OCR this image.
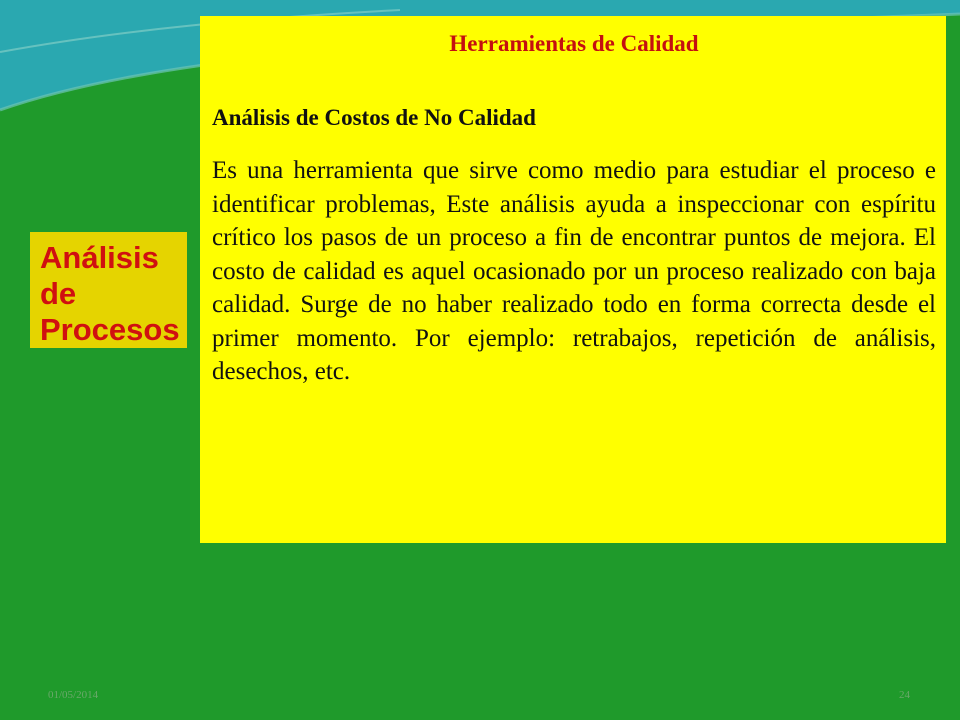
Análisis
de
Procesos
Herramientas de Calidad
Análisis de Costos de No Calidad

Es una herramienta que sirve como medio para estudiar el proceso e identificar problemas, Este análisis ayuda a inspeccionar con espíritu crítico los pasos de un proceso a fin de encontrar puntos de mejora. El costo de calidad es aquel ocasionado por un proceso realizado con baja calidad. Surge de no haber realizado todo en forma correcta desde el primer momento. Por ejemplo: retrabajos, repetición de análisis, desechos, etc.

01/05/2014	24
